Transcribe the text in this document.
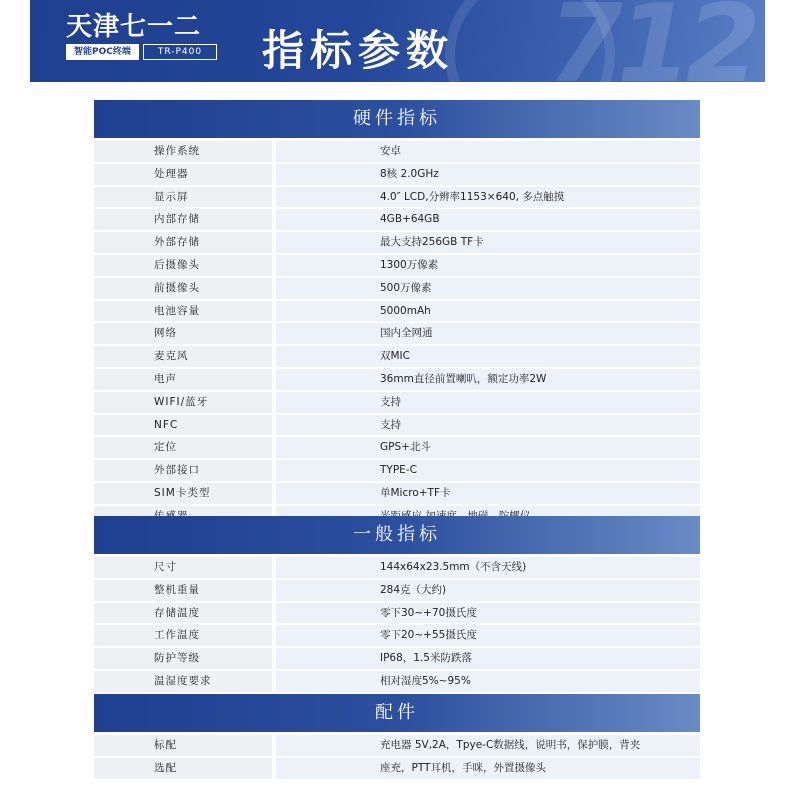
712
天津七一二
智能POC终端	TR-P400	指标参数
硬件指标
操作系统	安卓
处理器	8核 2.0GHz
显示屏	4.0″ LCD,分辨率1153×640, 多点触摸
内部存储	4GB+64GB
外部存储	最大支持256GB TF卡
后摄像头	1300万像素
前摄像头	500万像素
电池容量	5000mAh
网络	国内全网通
麦克风	双MIC
电声	36mm直径前置喇叭，额定功率2W
WIFI/蓝牙	支持
NFC	支持
定位	GPS+北斗
外部接口	TYPE-C
SIM卡类型	单Micro+TF卡
一般指标
尺寸	144x64x23.5mm（不含天线)
整机重量	284克（大约)
存储温度	零下30~+70摄氏度
工作温度	零下20~+55摄氏度
防护等级	IP68，1.5米防跌落
温湿度要求	相对湿度5%~95%
配件
标配	充电器 5V,2A，Tpye-C数据线，说明书，保护膜，背夹
选配	座充，PTT耳机，手咪，外置摄像头
